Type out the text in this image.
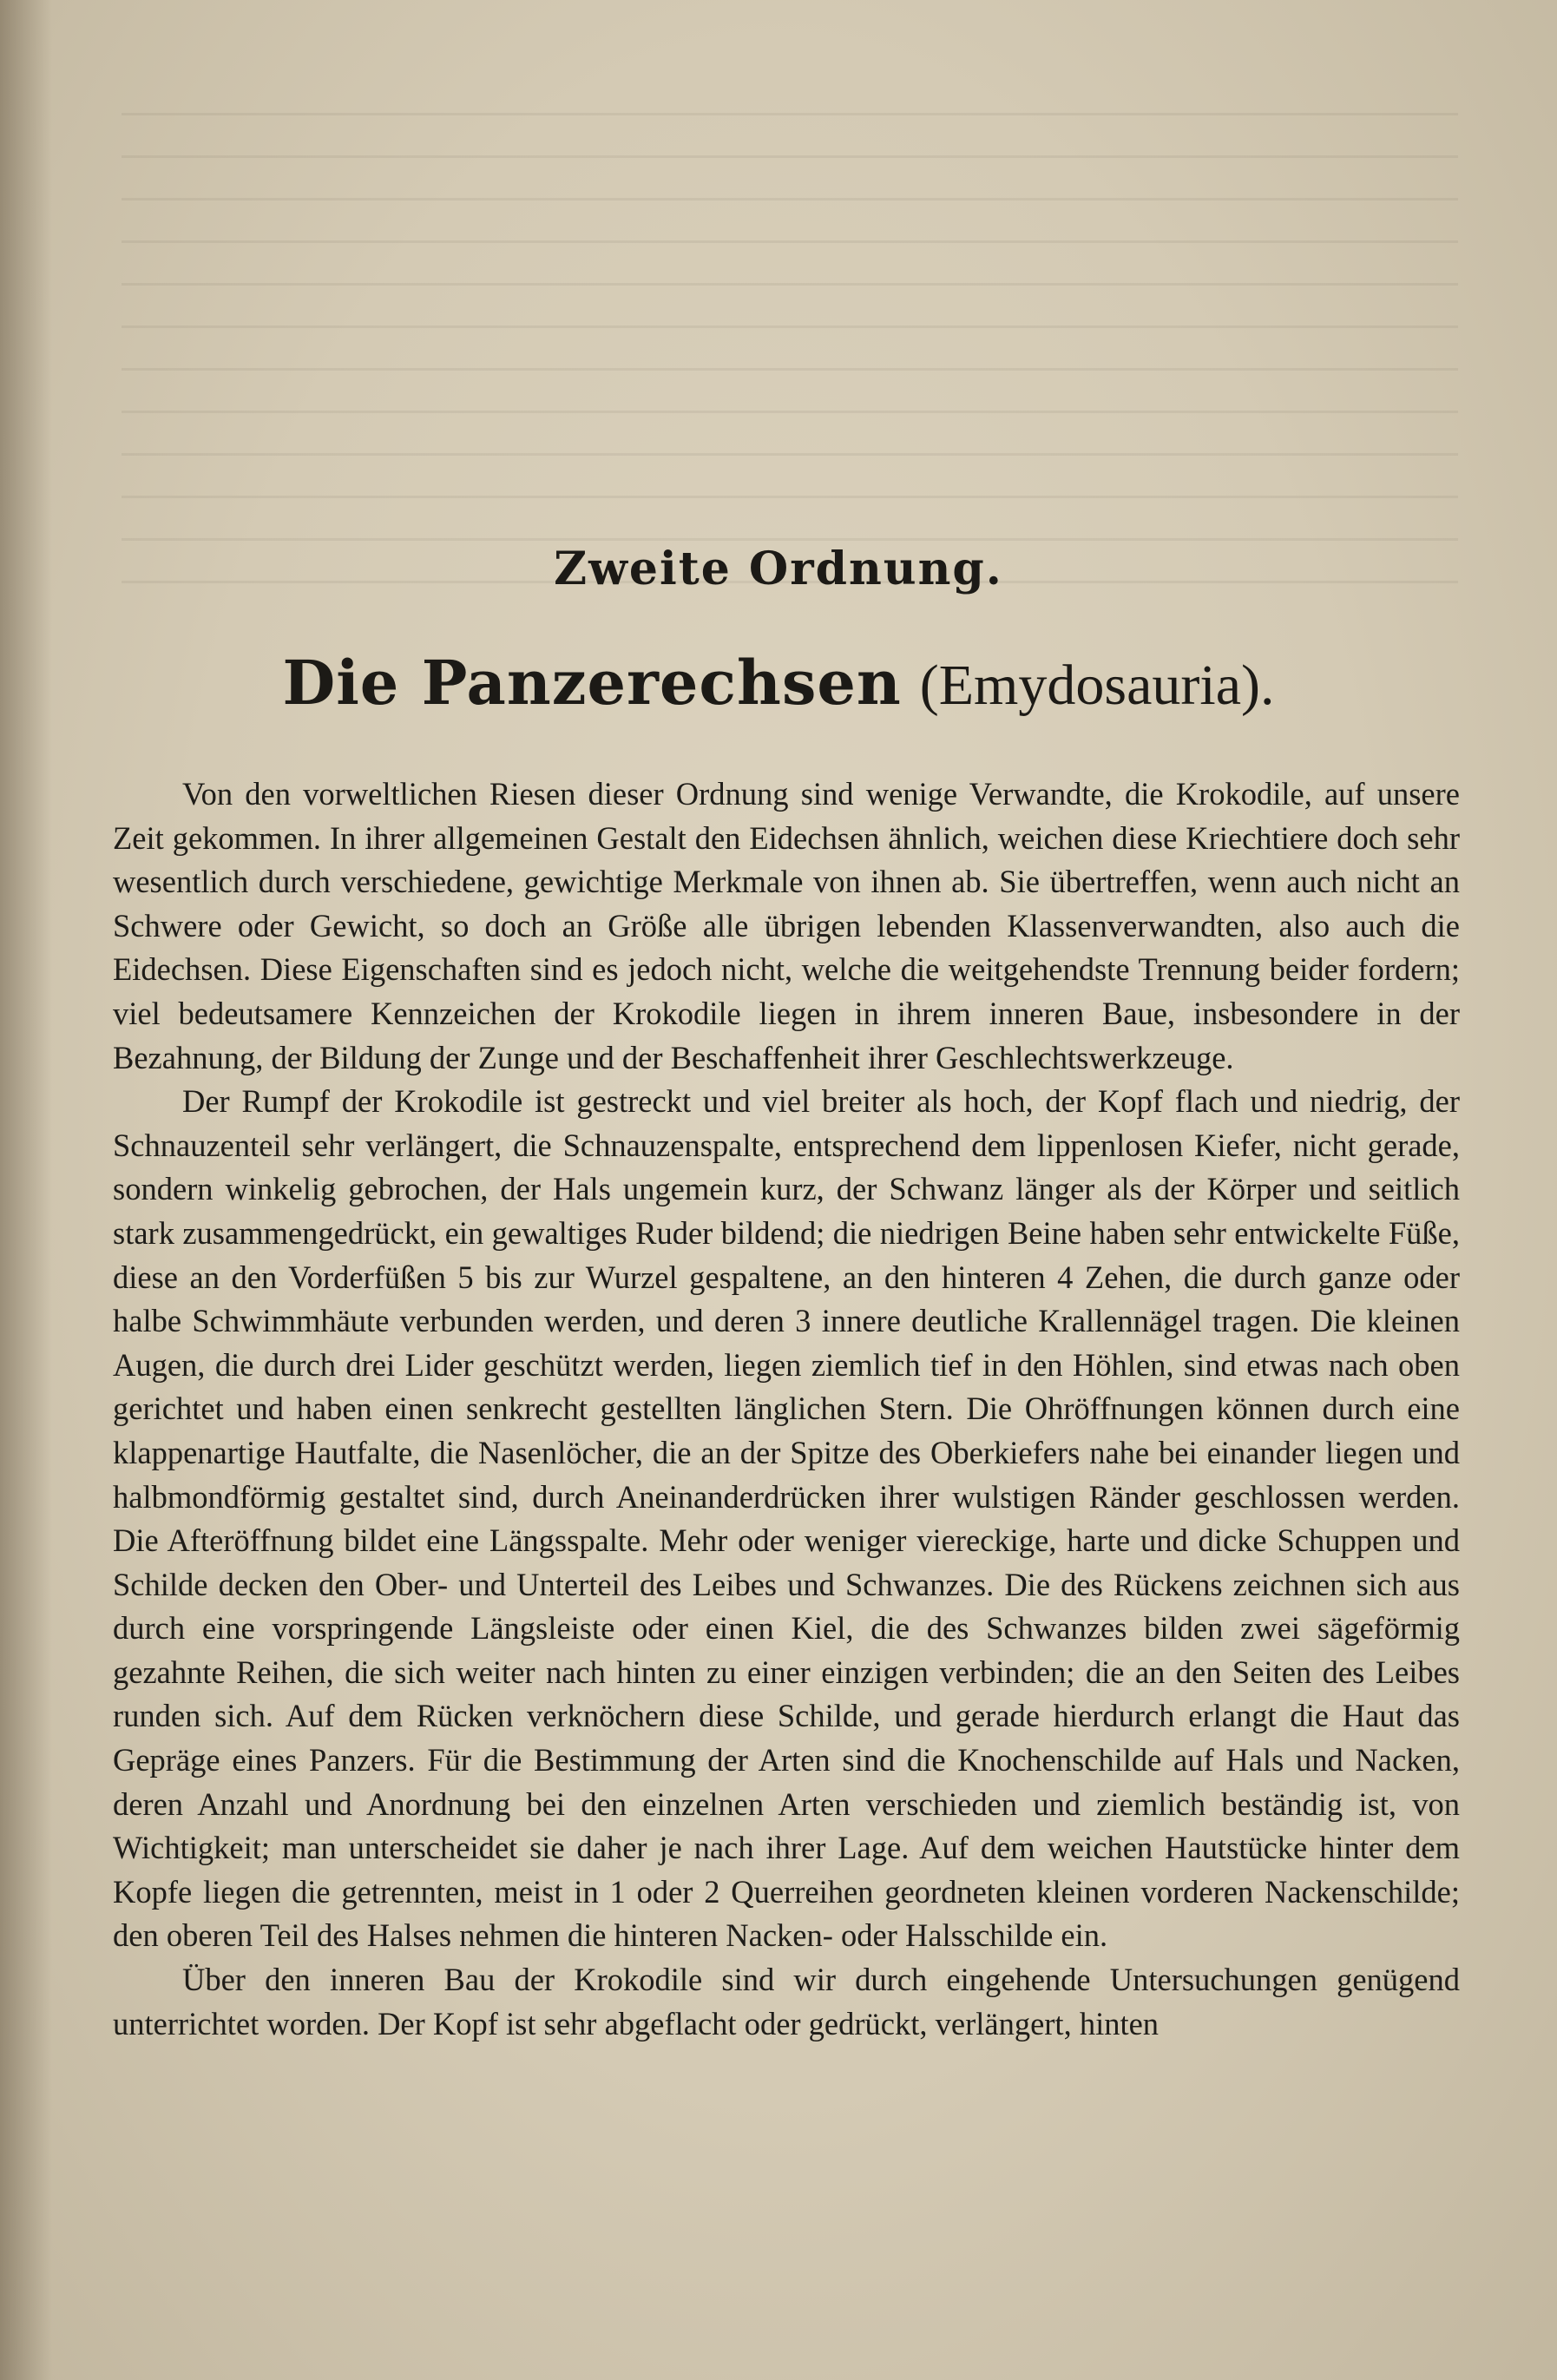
Zweite Ordnung.
Die Panzerechsen (Emydosauria).

Von den vorweltlichen Riesen dieser Ordnung sind wenige Verwandte, die Krokodile, auf unsere Zeit gekommen. In ihrer allgemeinen Gestalt den Eidechsen ähnlich, weichen diese Kriechtiere doch sehr wesentlich durch verschiedene, gewichtige Merkmale von ihnen ab. Sie übertreffen, wenn auch nicht an Schwere oder Gewicht, so doch an Größe alle übrigen lebenden Klassenverwandten, also auch die Eidechsen. Diese Eigenschaften sind es jedoch nicht, welche die weitgehendste Trennung beider fordern; viel bedeutsamere Kennzeichen der Krokodile liegen in ihrem inneren Baue, insbesondere in der Bezahnung, der Bildung der Zunge und der Beschaffenheit ihrer Geschlechtswerkzeuge.

Der Rumpf der Krokodile ist gestreckt und viel breiter als hoch, der Kopf flach und niedrig, der Schnauzenteil sehr verlängert, die Schnauzenspalte, entsprechend dem lippenlosen Kiefer, nicht gerade, sondern winkelig gebrochen, der Hals ungemein kurz, der Schwanz länger als der Körper und seitlich stark zusammengedrückt, ein gewaltiges Ruder bildend; die niedrigen Beine haben sehr entwickelte Füße, diese an den Vorderfüßen 5 bis zur Wurzel gespaltene, an den hinteren 4 Zehen, die durch ganze oder halbe Schwimmhäute verbunden werden, und deren 3 innere deutliche Krallennägel tragen. Die kleinen Augen, die durch drei Lider geschützt werden, liegen ziemlich tief in den Höhlen, sind etwas nach oben gerichtet und haben einen senkrecht gestellten länglichen Stern. Die Ohröffnungen können durch eine klappenartige Hautfalte, die Nasenlöcher, die an der Spitze des Oberkiefers nahe bei einander liegen und halbmondförmig gestaltet sind, durch Aneinanderdrücken ihrer wulstigen Ränder geschlossen werden. Die Afteröffnung bildet eine Längsspalte. Mehr oder weniger viereckige, harte und dicke Schuppen und Schilde decken den Ober- und Unterteil des Leibes und Schwanzes. Die des Rückens zeichnen sich aus durch eine vorspringende Längsleiste oder einen Kiel, die des Schwanzes bilden zwei sägeförmig gezahnte Reihen, die sich weiter nach hinten zu einer einzigen verbinden; die an den Seiten des Leibes runden sich. Auf dem Rücken verknöchern diese Schilde, und gerade hierdurch erlangt die Haut das Gepräge eines Panzers. Für die Bestimmung der Arten sind die Knochenschilde auf Hals und Nacken, deren Anzahl und Anordnung bei den einzelnen Arten verschieden und ziemlich beständig ist, von Wichtigkeit; man unterscheidet sie daher je nach ihrer Lage. Auf dem weichen Hautstücke hinter dem Kopfe liegen die getrennten, meist in 1 oder 2 Querreihen geordneten kleinen vorderen Nackenschilde; den oberen Teil des Halses nehmen die hinteren Nacken- oder Halsschilde ein.

Über den inneren Bau der Krokodile sind wir durch eingehende Untersuchungen genügend unterrichtet worden. Der Kopf ist sehr abgeflacht oder gedrückt, verlängert, hinten
